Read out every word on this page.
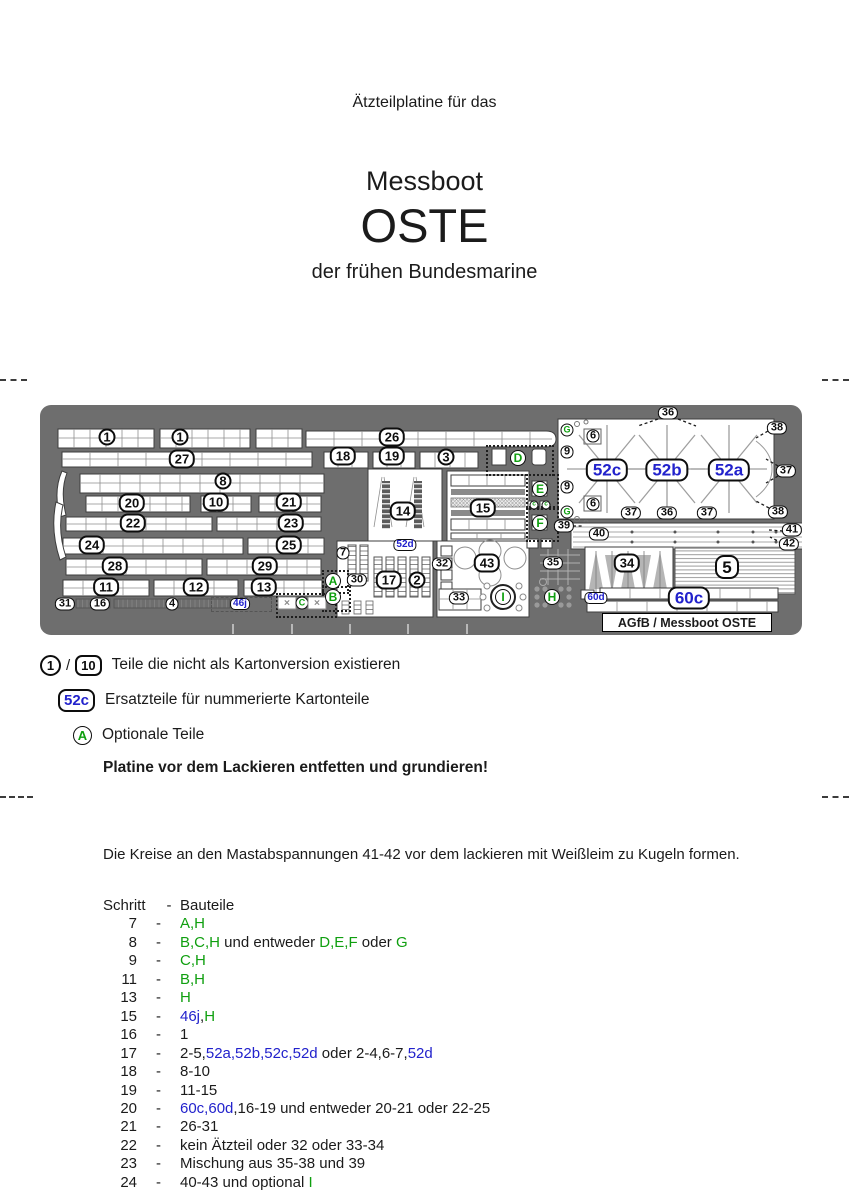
Ätzteilplatine für das
Messboot
OSTE
der frühen Bundesmarine
1	1	26
27	18	19	3	D
8
20	10	21
22	23
24	25
28	29
11	12	13
31	16	4	46j	✕ C	✕
A
B
7
30	17	2
14	15
52d
32	43
33	I
E
c	c
F
H
G	6
9
9
6
G
52c	52b	52a
36
38
37
38
37	36	37
39
40	41
42
35	34	5
60d	60c
AGfB / Messboot OSTE
1 / 10	Teile die nicht als Kartonversion existieren
52c	Ersatzteile für nummerierte Kartonteile
A Optionale Teile
Platine vor dem Lackieren entfetten und grundieren!
Die Kreise an den Mastabspannungen 41-42 vor dem lackieren mit Weißleim zu Kugeln formen.
Schritt	- Bauteile
7	-	A,H
8	-	B,C,H und entweder D,E,F oder G
9	-	C,H
11	-	B,H
13	-	H
15	-	46j,H
16	-	1
17	-	2-5,52a,52b,52c,52d oder 2-4,6-7,52d
18	-	8-10
19	-	11-15
20	-	60c,60d,16-19 und entweder 20-21 oder 22-25
21	-	26-31
22	-	kein Ätzteil oder 32 oder 33-34
23	-	Mischung aus 35-38 und 39
24	-	40-43 und optional I
